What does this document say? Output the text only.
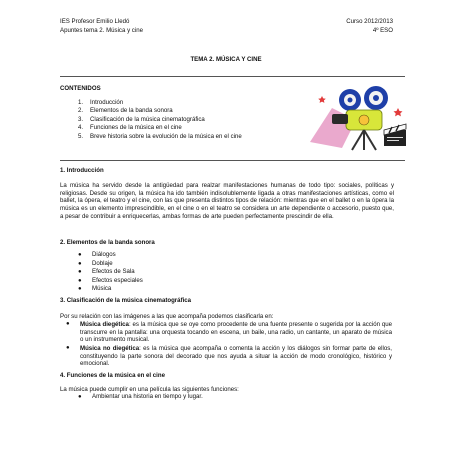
IES Profesor Emilio Lledó
Apuntes tema 2. Música y cine
Curso 2012/2013
4º ESO
TEMA 2. MÚSICA Y CINE
CONTENIDOS
1. Introducción
2. Elementos de la banda sonora
3. Clasificación de la música cinematográfica
4. Funciones de la música en el cine
5. Breve historia sobre la evolución de la música en el cine
1. Introducción
La música ha servido desde la antigüedad para realzar manifestaciones humanas de todo tipo: sociales, políticas y religiosas. Desde su origen, la música ha ido también indisolublemente ligada a otras manifestaciones artísticas, como el ballet, la ópera, el teatro y el cine, con las que presenta distintos tipos de relación: mientras que en el ballet o en la ópera la música es un elemento imprescindible, en el cine o en el teatro se considera un arte dependiente o accesorio, puesto que, a pesar de contribuir a enriquecerlas, ambas formas de arte pueden perfectamente prescindir de ella.
2. Elementos de la banda sonora
● Diálogos
● Doblaje
● Efectos de Sala
● Efectos especiales
● Música
3. Clasificación de la música cinematográfica
Por su relación con las imágenes a las que acompaña podemos clasificarla en:
● Música diegética: es la música que se oye como procedente de una fuente presente o sugerida por la acción que transcurre en la pantalla: una orquesta tocando en escena, un baile, una radio, un cantante, un aparato de música o un instrumento musical.
● Música no diegética: es la música que acompaña o comenta la acción y los diálogos sin formar parte de ellos, constituyendo la parte sonora del decorado que nos ayuda a situar la acción de modo cronológico, histórico y emocional.
4. Funciones de la música en el cine
La música puede cumplir en una película las siguientes funciones:
● Ambientar una historia en tiempo y lugar.
